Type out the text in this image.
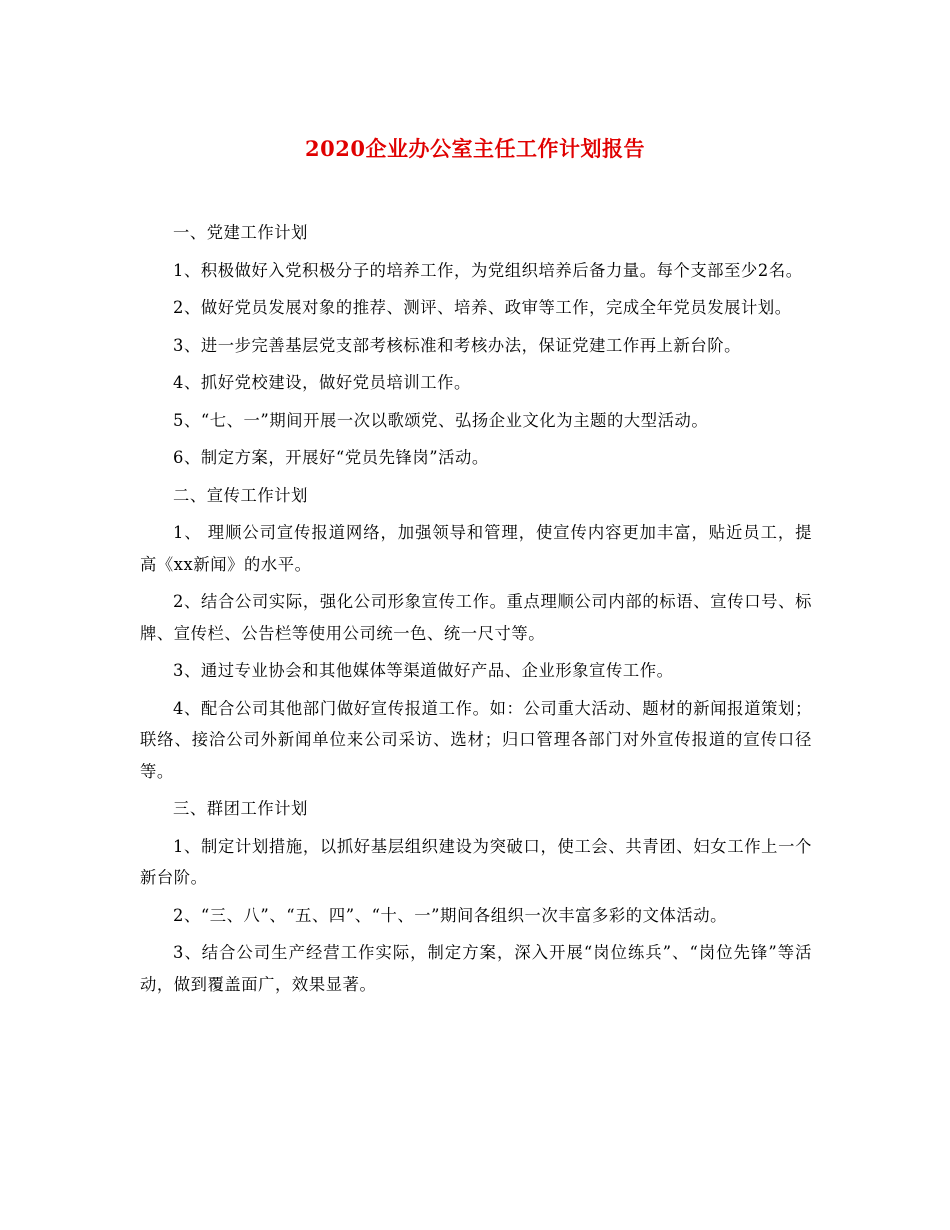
2020企业办公室主任工作计划报告

一、党建工作计划

1、积极做好入党积极分子的培养工作，为党组织培养后备力量。每个支部至少2名。

2、做好党员发展对象的推荐、测评、培养、政审等工作，完成全年党员发展计划。

3、进一步完善基层党支部考核标准和考核办法，保证党建工作再上新台阶。

4、抓好党校建设，做好党员培训工作。

5、“七、一”期间开展一次以歌颂党、弘扬企业文化为主题的大型活动。

6、制定方案，开展好“党员先锋岗”活动。

二、宣传工作计划

1、 理顺公司宣传报道网络，加强领导和管理，使宣传内容更加丰富，贴近员工，提高《xx新闻》的水平。

2、结合公司实际，强化公司形象宣传工作。重点理顺公司内部的标语、宣传口号、标牌、宣传栏、公告栏等使用公司统一色、统一尺寸等。

3、通过专业协会和其他媒体等渠道做好产品、企业形象宣传工作。

4、配合公司其他部门做好宣传报道工作。如：公司重大活动、题材的新闻报道策划；联络、接洽公司外新闻单位来公司采访、选材；归口管理各部门对外宣传报道的宣传口径等。

三、群团工作计划

1、制定计划措施，以抓好基层组织建设为突破口，使工会、共青团、妇女工作上一个新台阶。

2、“三、八”、“五、四”、“十、一”期间各组织一次丰富多彩的文体活动。

3、结合公司生产经营工作实际，制定方案，深入开展“岗位练兵”、“岗位先锋”等活动，做到覆盖面广，效果显著。
